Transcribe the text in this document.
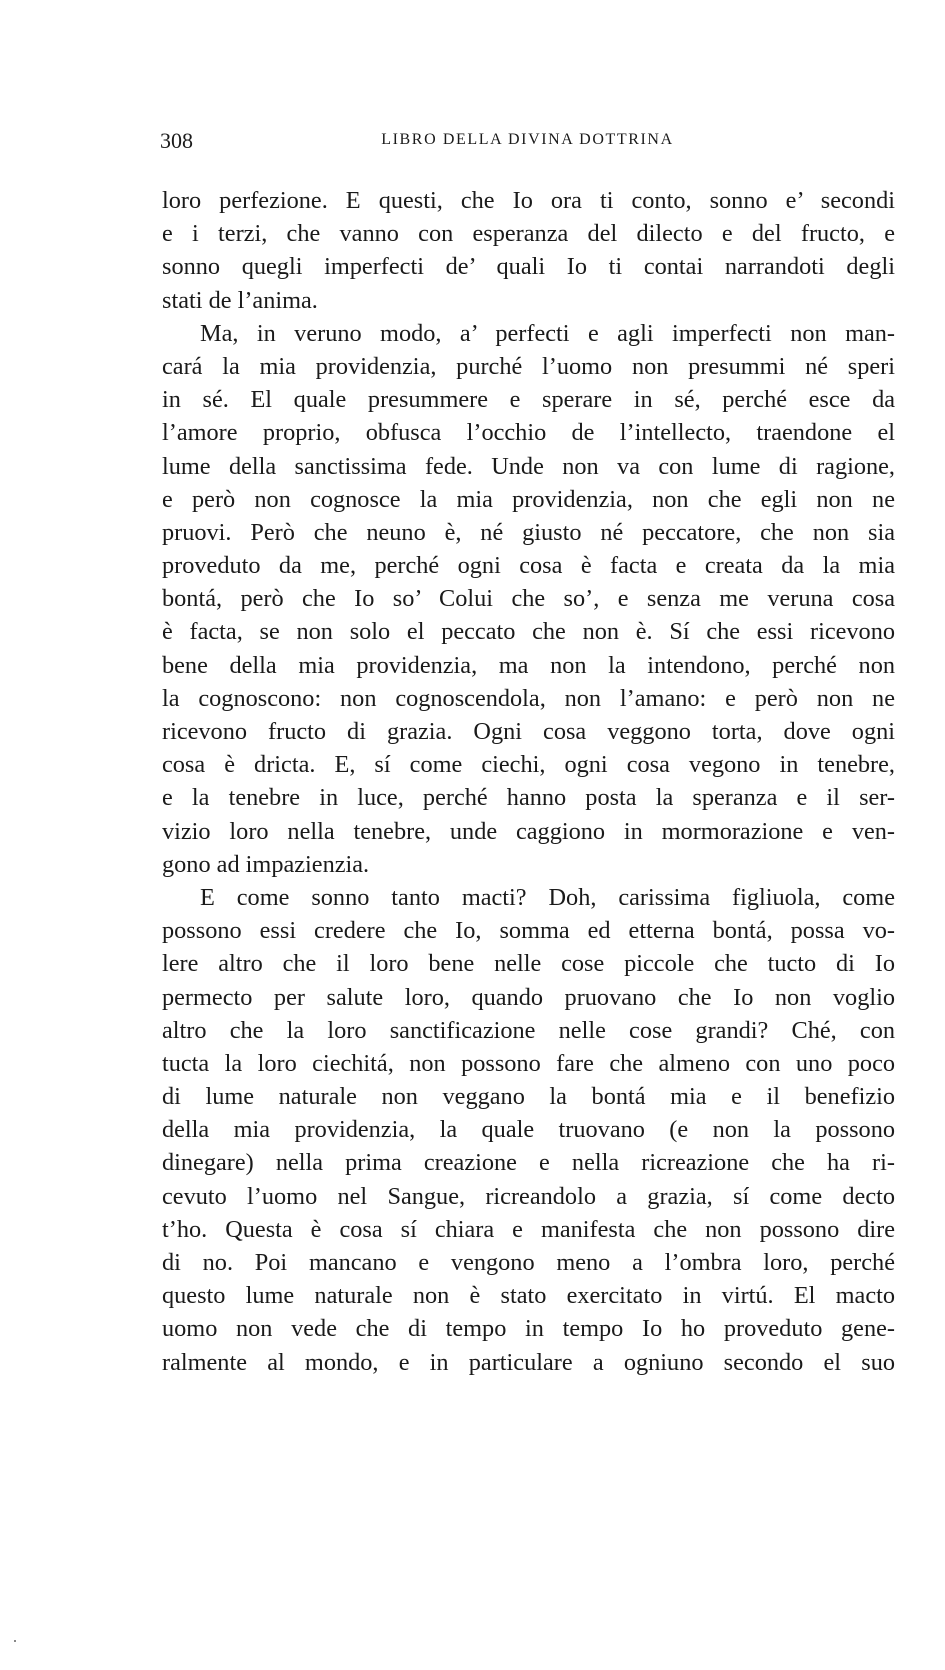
308	LIBRO DELLA DIVINA DOTTRINA
loro perfezione. E questi, che Io ora ti conto, sonno e’ secondi
e i terzi, che vanno con esperanza del dilecto e del fructo, e
sonno quegli imperfecti de’ quali Io ti contai narrandoti degli
stati de l’anima.
Ma, in veruno modo, a’ perfecti e agli imperfecti non man-
cará la mia providenzia, purché l’uomo non presummi né speri
in sé. El quale presummere e sperare in sé, perché esce da
l’amore proprio, obfusca l’occhio de l’intellecto, traendone el
lume della sanctissima fede. Unde non va con lume di ragione,
e però non cognosce la mia providenzia, non che egli non ne
pruovi. Però che neuno è, né giusto né peccatore, che non sia
proveduto da me, perché ogni cosa è facta e creata da la mia
bontá, però che Io so’ Colui che so’, e senza me veruna cosa
è facta, se non solo el peccato che non è. Sí che essi ricevono
bene della mia providenzia, ma non la intendono, perché non
la cognoscono: non cognoscendola, non l’amano: e però non ne
ricevono fructo di grazia. Ogni cosa veggono torta, dove ogni
cosa è dricta. E, sí come ciechi, ogni cosa vegono in tenebre,
e la tenebre in luce, perché hanno posta la speranza e il ser-
vizio loro nella tenebre, unde caggiono in mormorazione e ven-
gono ad impazienzia.
E come sonno tanto macti? Doh, carissima figliuola, come
possono essi credere che Io, somma ed etterna bontá, possa vo-
lere altro che il loro bene nelle cose piccole che tucto di Io
permecto per salute loro, quando pruovano che Io non voglio
altro che la loro sanctificazione nelle cose grandi? Ché, con
tucta la loro ciechitá, non possono fare che almeno con uno poco
di lume naturale non veggano la bontá mia e il benefizio
della mia providenzia, la quale truovano (e non la possono
dinegare) nella prima creazione e nella ricreazione che ha ri-
cevuto l’uomo nel Sangue, ricreandolo a grazia, sí come decto
t’ho. Questa è cosa sí chiara e manifesta che non possono dire
di no. Poi mancano e vengono meno a l’ombra loro, perché
questo lume naturale non è stato exercitato in virtú. El macto
uomo non vede che di tempo in tempo Io ho proveduto gene-
ralmente al mondo, e in particulare a ogniuno secondo el suo
